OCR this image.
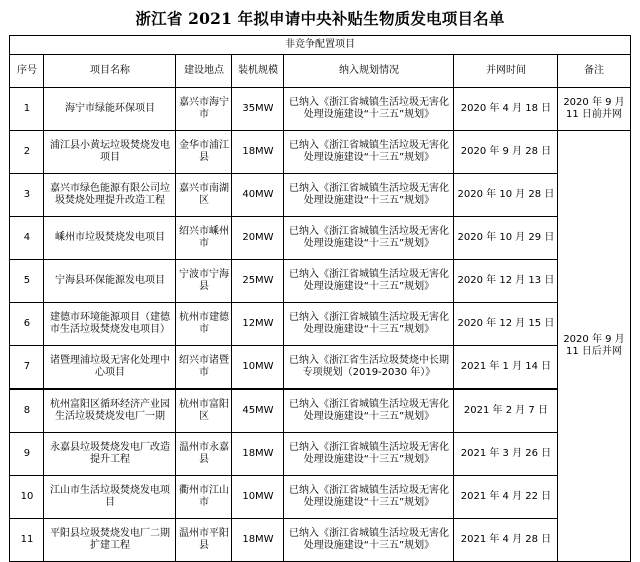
浙江省 2021 年拟申请中央补贴生物质发电项目名单
非竞争配置项目						
序号	项目名称	建设地点	装机规模	纳入规划情况	并网时间	备注
1	海宁市绿能环保项目	嘉兴市海宁市	35MW	已纳入《浙江省城镇生活垃圾无害化处理设施建设“十三五”规划》	2020 年 4 月 18 日	2020 年 9 月 11 日前并网
2	浦江县小黄坛垃圾焚烧发电项目	金华市浦江县	18MW	已纳入《浙江省城镇生活垃圾无害化处理设施建设“十三五”规划》	2020 年 9 月 28 日	2020 年 9 月 11 日后并网
3	嘉兴市绿色能源有限公司垃圾焚烧处理提升改造工程	嘉兴市南湖区	40MW	已纳入《浙江省城镇生活垃圾无害化处理设施建设“十三五”规划》	2020 年 10 月 28 日	
4	嵊州市垃圾焚烧发电项目	绍兴市嵊州市	20MW	已纳入《浙江省城镇生活垃圾无害化处理设施建设“十三五”规划》	2020 年 10 月 29 日	
5	宁海县环保能源发电项目	宁波市宁海县	25MW	已纳入《浙江省城镇生活垃圾无害化处理设施建设“十三五”规划》	2020 年 12 月 13 日	
6	建德市环境能源项目（建德市生活垃圾焚烧发电项目）	杭州市建德市	12MW	已纳入《浙江省城镇生活垃圾无害化处理设施建设“十三五”规划》	2020 年 12 月 15 日	
7	诸暨理浦垃圾无害化处理中心项目	绍兴市诸暨市	10MW	已纳入《浙江省生活垃圾焚烧中长期专项规划（2019-2030 年）》	2021 年 1 月 14 日	
8	杭州富阳区循环经济产业园生活垃圾焚烧发电厂一期	杭州市富阳区	45MW	已纳入《浙江省城镇生活垃圾无害化处理设施建设“十三五”规划》	2021 年 2 月 7 日	
9	永嘉县垃圾焚烧发电厂改造提升工程	温州市永嘉县	18MW	已纳入《浙江省城镇生活垃圾无害化处理设施建设“十三五”规划》	2021 年 3 月 26 日	
10	江山市生活垃圾焚烧发电项目	衢州市江山市	10MW	已纳入《浙江省城镇生活垃圾无害化处理设施建设“十三五”规划》	2021 年 4 月 22 日	
11	平阳县垃圾焚烧发电厂二期扩建工程	温州市平阳县	18MW	已纳入《浙江省城镇生活垃圾无害化处理设施建设“十三五”规划》	2021 年 4 月 28 日	
